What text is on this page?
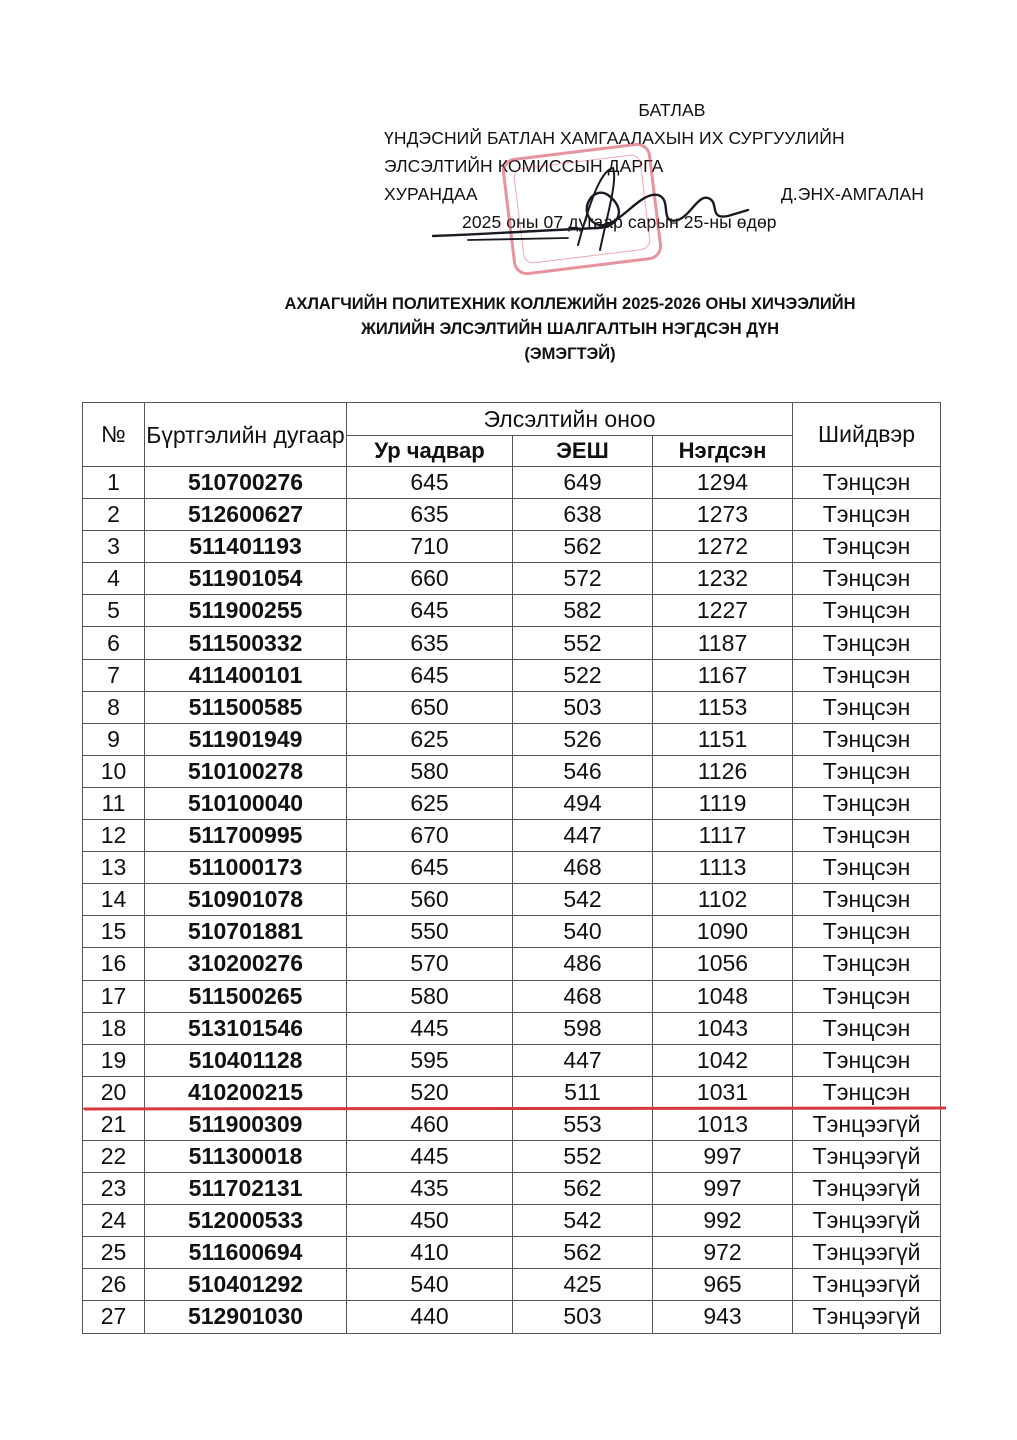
БАТЛАВ
ҮНДЭСНИЙ БАТЛАН ХАМГААЛАХЫН ИХ СУРГУУЛИЙН
ЭЛСЭЛТИЙН КОМИССЫН ДАРГА
ХУРАНДАА	Д.ЭНХ-АМГАЛАН
2025 оны 07 дугаар сарын 25-ны өдөр
АХЛАГЧИЙН ПОЛИТЕХНИК КОЛЛЕЖИЙН 2025-2026 ОНЫ ХИЧЭЭЛИЙН
ЖИЛИЙН ЭЛСЭЛТИЙН ШАЛГАЛТЫН НЭГДСЭН ДҮН
(ЭМЭГТЭЙ)
№	Бүртгэлийн дугаар	Элсэлтийн оноо			Шийдвэр
		Ур чадвар	ЭЕШ	Нэгдсэн	
1	510700276	645	649	1294	Тэнцсэн
2	512600627	635	638	1273	Тэнцсэн
3	511401193	710	562	1272	Тэнцсэн
4	511901054	660	572	1232	Тэнцсэн
5	511900255	645	582	1227	Тэнцсэн
6	511500332	635	552	1187	Тэнцсэн
7	411400101	645	522	1167	Тэнцсэн
8	511500585	650	503	1153	Тэнцсэн
9	511901949	625	526	1151	Тэнцсэн
10	510100278	580	546	1126	Тэнцсэн
11	510100040	625	494	1119	Тэнцсэн
12	511700995	670	447	1117	Тэнцсэн
13	511000173	645	468	1113	Тэнцсэн
14	510901078	560	542	1102	Тэнцсэн
15	510701881	550	540	1090	Тэнцсэн
16	310200276	570	486	1056	Тэнцсэн
17	511500265	580	468	1048	Тэнцсэн
18	513101546	445	598	1043	Тэнцсэн
19	510401128	595	447	1042	Тэнцсэн
20	410200215	520	511	1031	Тэнцсэн
21	511900309	460	553	1013	Тэнцээгүй
22	511300018	445	552	997	Тэнцээгүй
23	511702131	435	562	997	Тэнцээгүй
24	512000533	450	542	992	Тэнцээгүй
25	511600694	410	562	972	Тэнцээгүй
26	510401292	540	425	965	Тэнцээгүй
27	512901030	440	503	943	Тэнцээгүй
